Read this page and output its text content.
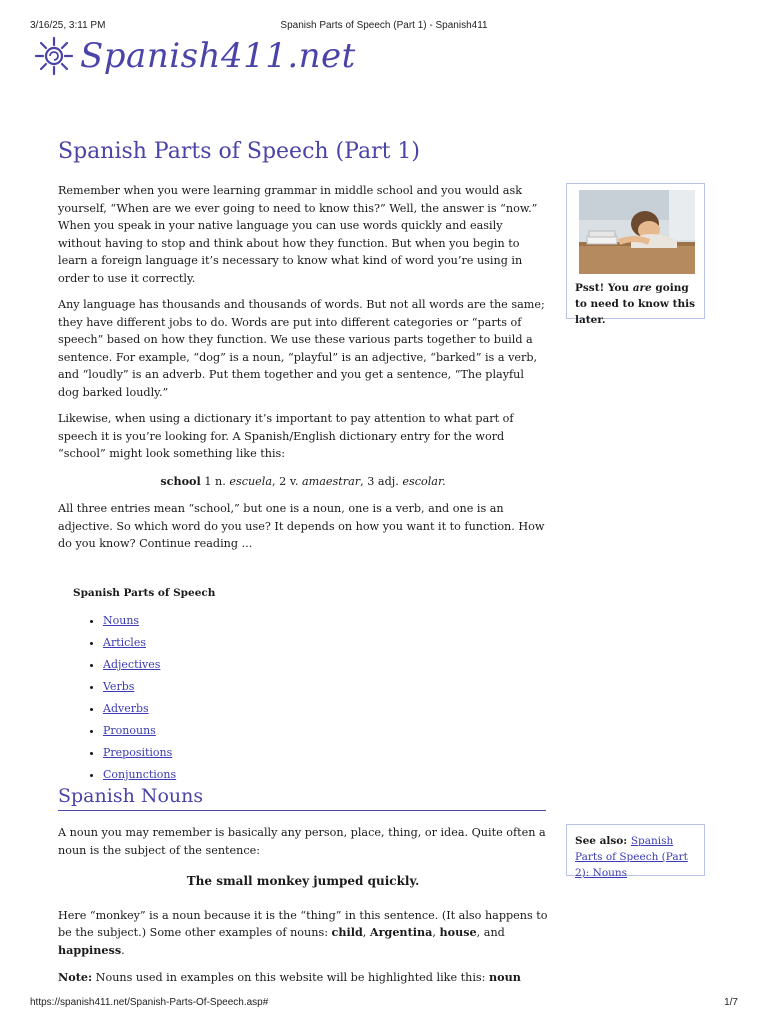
3/16/25, 3:11 PM	Spanish Parts of Speech (Part 1) - Spanish411
Spanish411.net
Spanish Parts of Speech (Part 1)

Remember when you were learning grammar in middle school and you would ask yourself, “When are we ever going to need to know this?” Well, the answer is “now.” When you speak in your native language you can use words quickly and easily without having to stop and think about how they function. But when you begin to learn a foreign language it’s necessary to know what kind of word you’re using in order to use it correctly.

Any language has thousands and thousands of words. But not all words are the same; they have different jobs to do. Words are put into different categories or “parts of speech” based on how they function. We use these various parts together to build a sentence. For example, “dog” is a noun, “playful” is an adjective, “barked” is a verb, and “loudly” is an adverb. Put them together and you get a sentence, “The playful dog barked loudly.”

Likewise, when using a dictionary it’s important to pay attention to what part of speech it is you’re looking for. A Spanish/English dictionary entry for the word “school” might look something like this:

school 1 n. escuela, 2 v. amaestrar, 3 adj. escolar.

All three entries mean “school,” but one is a noun, one is a verb, and one is an adjective. So which word do you use? It depends on how you want it to function. How do you know? Continue reading ...

Spanish Parts of Speech
• Nouns
• Articles
• Adjectives
• Verbs
• Adverbs
• Pronouns
• Prepositions
• Conjunctions
Psst! You are going to need to know this later.
Spanish Nouns

A noun you may remember is basically any person, place, thing, or idea. Quite often a noun is the subject of the sentence:

The small monkey jumped quickly.

Here “monkey” is a noun because it is the “thing” in this sentence. (It also happens to be the subject.) Some other examples of nouns: child, Argentina, house, and happiness.

Note: Nouns used in examples on this website will be highlighted like this: noun

See also: Spanish Parts of Speech (Part 2): Nouns
https://spanish411.net/Spanish-Parts-Of-Speech.asp#	1/7
